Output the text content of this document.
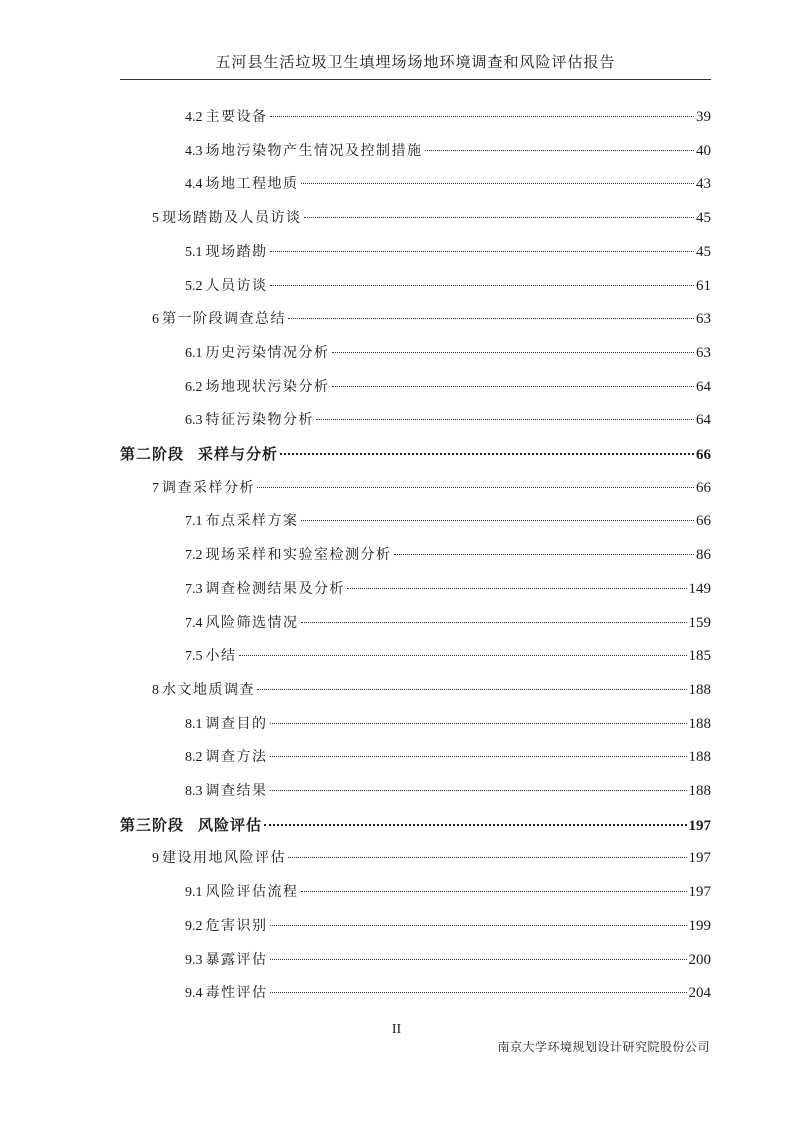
五河县生活垃圾卫生填埋场场地环境调查和风险评估报告
4.2 主要设备	39
4.3 场地污染物产生情况及控制措施	40
4.4 场地工程地质	43
5 现场踏勘及人员访谈	45
5.1 现场踏勘	45
5.2 人员访谈	61
6 第一阶段调查总结	63
6.1 历史污染情况分析	63
6.2 场地现状污染分析	64
6.3 特征污染物分析	64
第二阶段 采样与分析	66
7 调查采样分析	66
7.1 布点采样方案	66
7.2 现场采样和实验室检测分析	86
7.3 调查检测结果及分析	149
7.4 风险筛选情况	159
7.5 小结	185
8 水文地质调查	188
8.1 调查目的	188
8.2 调查方法	188
8.3 调查结果	188
第三阶段 风险评估	197
9 建设用地风险评估	197
9.1 风险评估流程	197
9.2 危害识别	199
9.3 暴露评估	200
9.4 毒性评估	204
II
南京大学环境规划设计研究院股份公司
